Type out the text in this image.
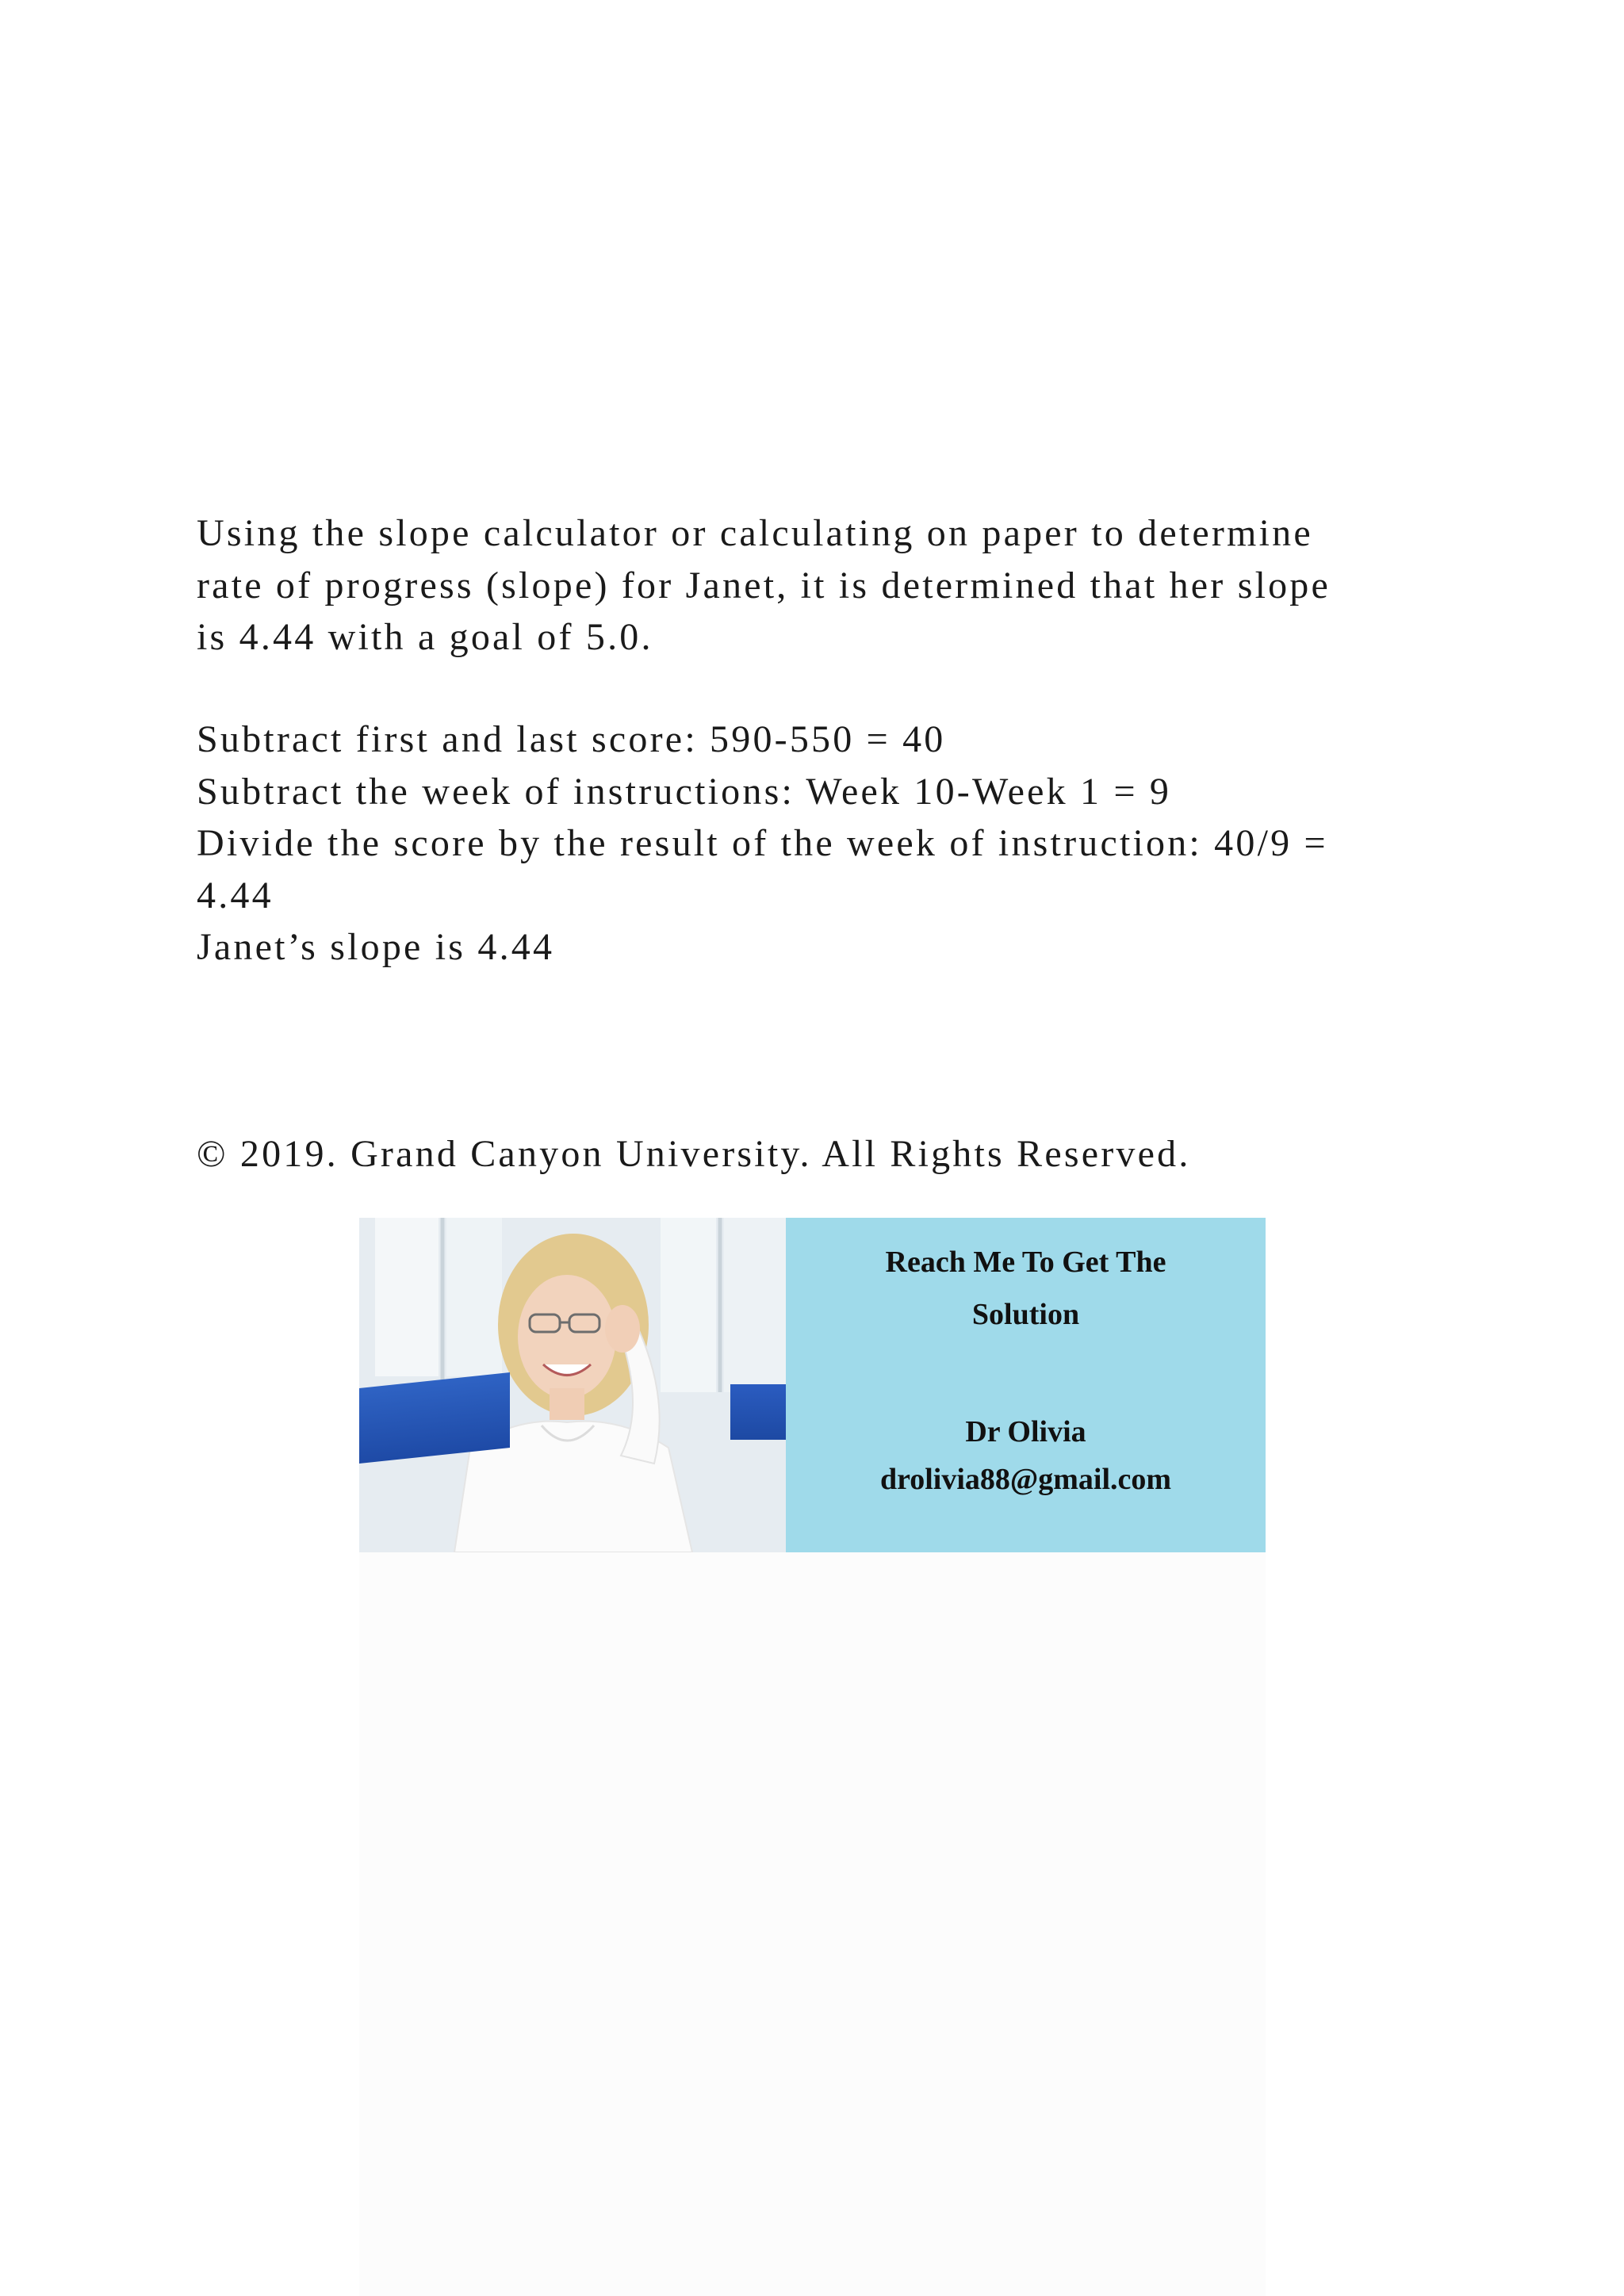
Using the slope calculator or calculating on paper to determine
rate of progress (slope) for Janet, it is determined that her slope
is 4.44 with a goal of 5.0.

Subtract first and last score: 590-550 = 40
Subtract the week of instructions: Week 10-Week 1 = 9
Divide the score by the result of the week of instruction: 40/9 =
4.44
Janet’s slope is 4.44

© 2019. Grand Canyon University. All Rights Reserved.

Reach Me To Get The
Solution
Dr Olivia
drolivia88@gmail.com
